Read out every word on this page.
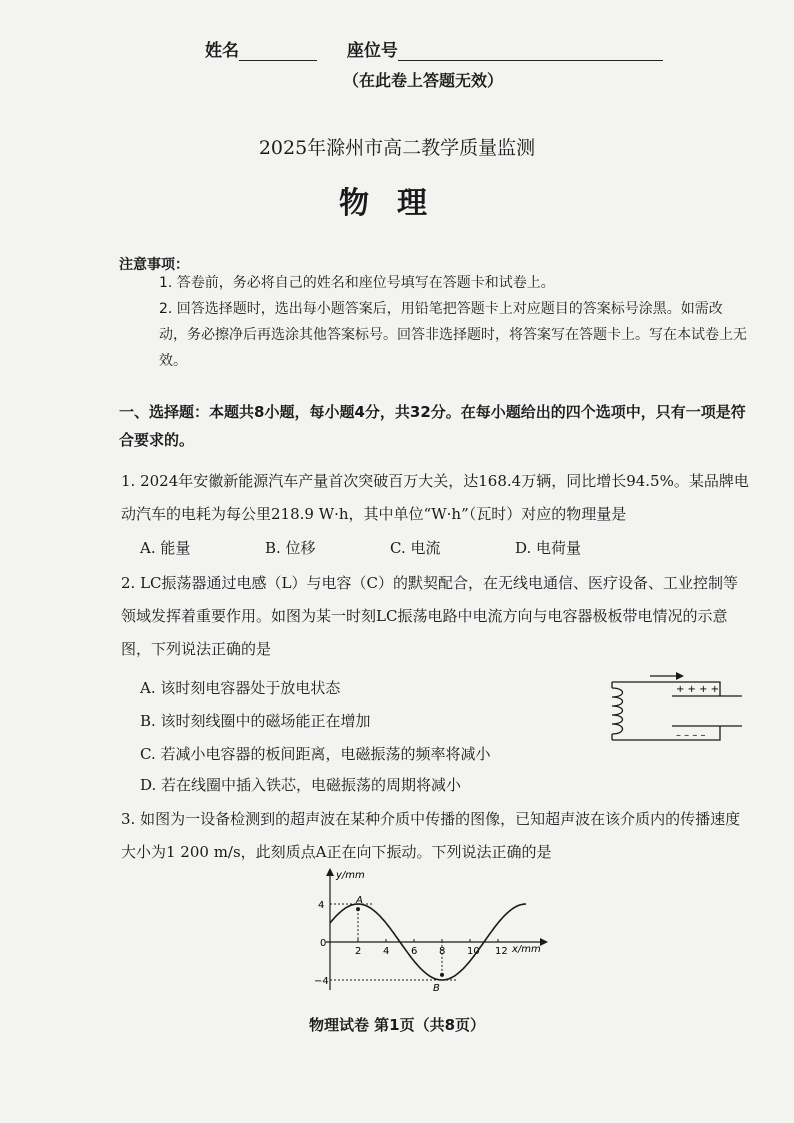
姓名	座位号
（在此卷上答题无效）

2025年滁州市高二教学质量监测
物理
注意事项：
1. 答卷前，务必将自己的姓名和座位号填写在答题卡和试卷上。
2. 回答选择题时，选出每小题答案后，用铅笔把答题卡上对应题目的答案标号涂黑。如需改动，务必擦净后再选涂其他答案标号。回答非选择题时，将答案写在答题卡上。写在本试卷上无效。
一、选择题：本题共8小题，每小题4分，共32分。在每小题给出的四个选项中，只有一项是符合要求的。
1. 2024年安徽新能源汽车产量首次突破百万大关，达168.4万辆，同比增长94.5%。某品牌电动汽车的电耗为每公里218.9 W·h，其中单位“W·h”（瓦时）对应的物理量是
A. 能量	B. 位移	C. 电流	D. 电荷量
2. LC振荡器通过电感（L）与电容（C）的默契配合，在无线电通信、医疗设备、工业控制等领域发挥着重要作用。如图为某一时刻LC振荡电路中电流方向与电容器极板带电情况的示意图，下列说法正确的是
A. 该时刻电容器处于放电状态
B. 该时刻线圈中的磁场能正在增加
C. 若减小电容器的板间距离，电磁振荡的频率将减小
D. 若在线圈中插入铁芯，电磁振荡的周期将减小
+ + + +
– – – –
3. 如图为一设备检测到的超声波在某种介质中传播的图像，已知超声波在该介质内的传播速度大小为1 200 m/s，此刻质点A正在向下振动。下列说法正确的是
y/mm
x/mm
0
2 4 6 8 10 12
4
−4
A
B
物理试卷 第1页（共8页）
